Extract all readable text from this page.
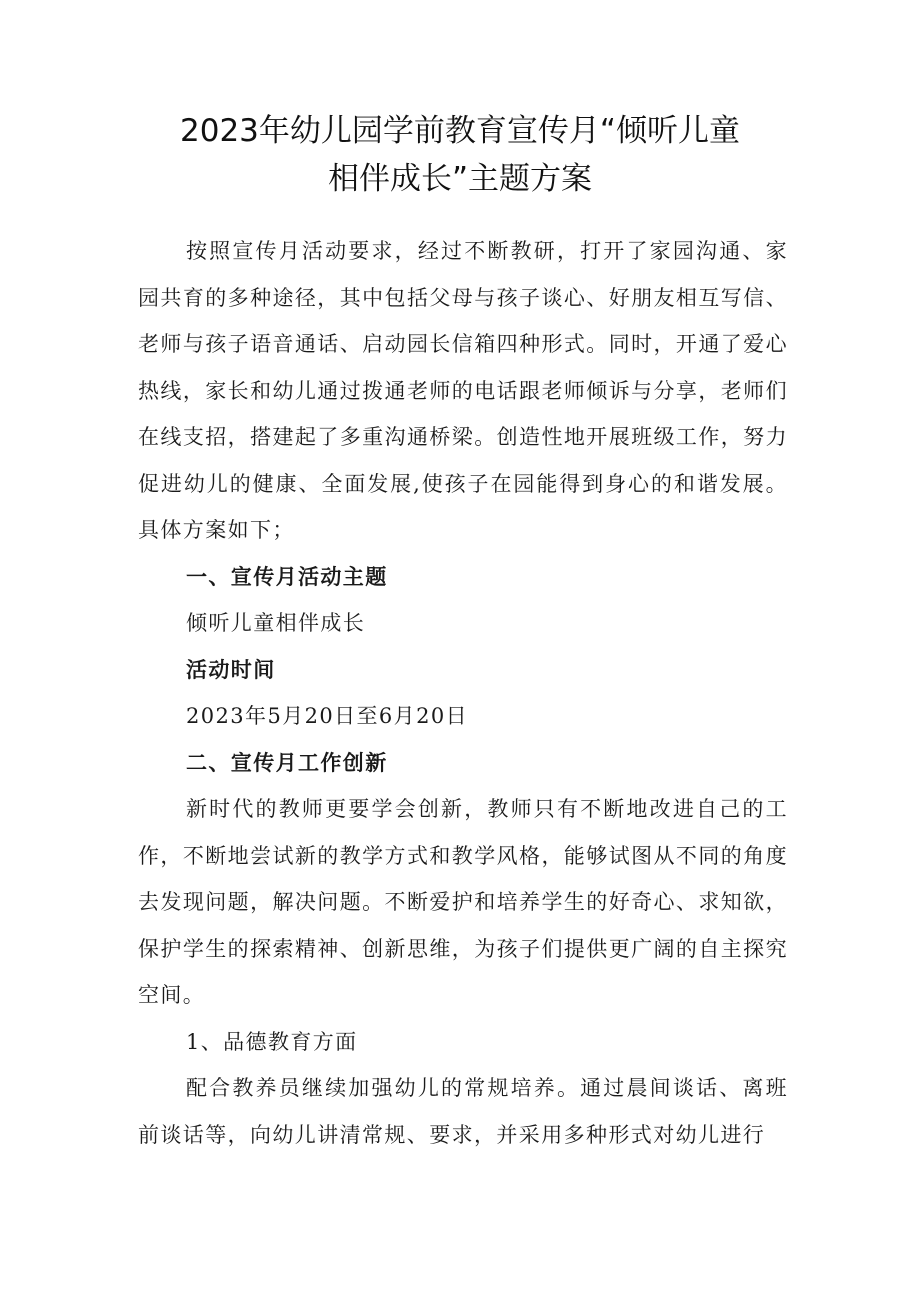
2023年幼儿园学前教育宣传月“倾听儿童
相伴成长”主题方案

按照宣传月活动要求，经过不断教研，打开了家园沟通、家园共育的多种途径，其中包括父母与孩子谈心、好朋友相互写信、老师与孩子语音通话、启动园长信箱四种形式。同时，开通了爱心热线，家长和幼儿通过拨通老师的电话跟老师倾诉与分享，老师们在线支招，搭建起了多重沟通桥梁。创造性地开展班级工作，努力促进幼儿的健康、全面发展,使孩子在园能得到身心的和谐发展。具体方案如下；

一、宣传月活动主题

倾听儿童相伴成长

活动时间

2023年5月20日至6月20日

二、宣传月工作创新

新时代的教师更要学会创新，教师只有不断地改进自己的工作，不断地尝试新的教学方式和教学风格，能够试图从不同的角度去发现问题，解决问题。不断爱护和培养学生的好奇心、求知欲，保护学生的探索精神、创新思维，为孩子们提供更广阔的自主探究空间。

1、品德教育方面

配合教养员继续加强幼儿的常规培养。通过晨间谈话、离班前谈话等，向幼儿讲清常规、要求，并采用多种形式对幼儿进行
